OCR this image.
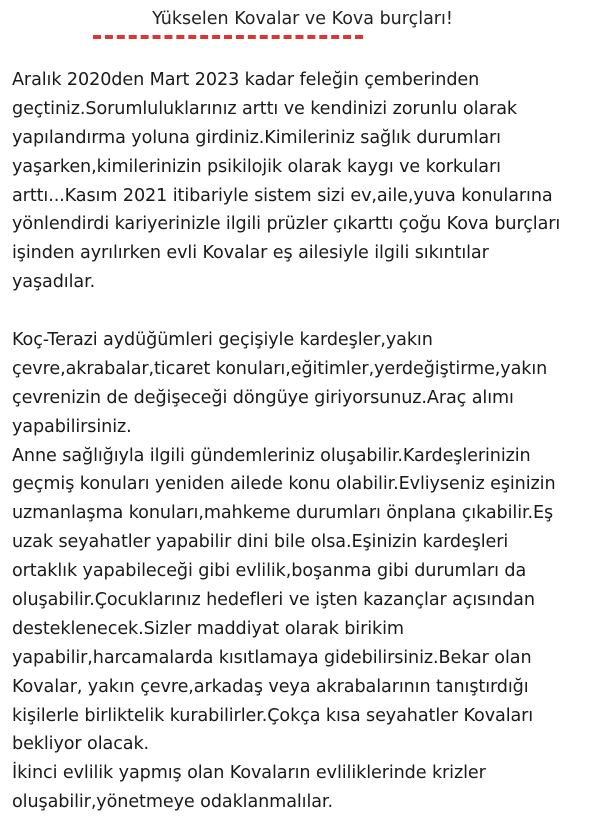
Yükselen Kovalar ve Kova burçları!

Aralık 2020den Mart 2023 kadar feleğin çemberinden
geçtiniz.Sorumluluklarınız arttı ve kendinizi zorunlu olarak
yapılandırma yoluna girdiniz.Kimileriniz sağlık durumları
yaşarken,kimilerinizin psikilojik olarak kaygı ve korkuları
arttı...Kasım 2021 itibariyle sistem sizi ev,aile,yuva konularına
yönlendirdi kariyerinizle ilgili prüzler çıkarttı çoğu Kova burçları
işinden ayrılırken evli Kovalar eş ailesiyle ilgili sıkıntılar
yaşadılar.

Koç-Terazi aydüğümleri geçişiyle kardeşler,yakın
çevre,akrabalar,ticaret konuları,eğitimler,yerdeğiştirme,yakın
çevrenizin de değişeceği döngüye giriyorsunuz.Araç alımı
yapabilirsiniz.
Anne sağlığıyla ilgili gündemleriniz oluşabilir.Kardeşlerinizin
geçmiş konuları yeniden ailede konu olabilir.Evliyseniz eşinizin
uzmanlaşma konuları,mahkeme durumları önplana çıkabilir.Eş
uzak seyahatler yapabilir dini bile olsa.Eşinizin kardeşleri
ortaklık yapabileceği gibi evlilik,boşanma gibi durumları da
oluşabilir.Çocuklarınız hedefleri ve işten kazançlar açısından
desteklenecek.Sizler maddiyat olarak birikim
yapabilir,harcamalarda kısıtlamaya gidebilirsiniz.Bekar olan
Kovalar, yakın çevre,arkadaş veya akrabalarının tanıştırdığı
kişilerle birliktelik kurabilirler.Çokça kısa seyahatler Kovaları
bekliyor olacak.
İkinci evlilik yapmış olan Kovaların evliliklerinde krizler
oluşabilir,yönetmeye odaklanmalılar.
